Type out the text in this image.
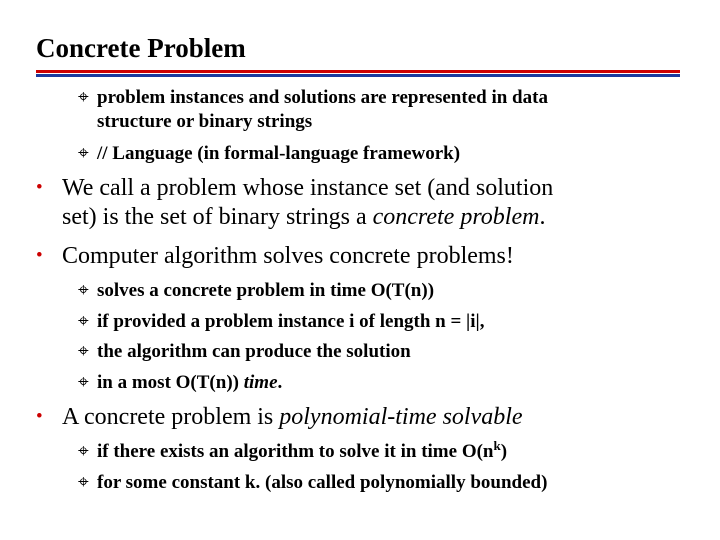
Concrete Problem
⌖ problem instances and solutions are represented in data
structure or binary strings
⌖ // Language (in formal-language framework)
• We call a problem whose instance set (and solution
set) is the set of binary strings a concrete problem.
• Computer algorithm solves concrete problems!
⌖ solves a concrete problem in time O(T(n))
⌖ if provided a problem instance i of length n = |i|,
⌖ the algorithm can produce the solution
⌖ in a most O(T(n)) time.
• A concrete problem is polynomial-time solvable
⌖ if there exists an algorithm to solve it in time $O(n^k)$
⌖ for some constant k. (also called polynomially bounded)
